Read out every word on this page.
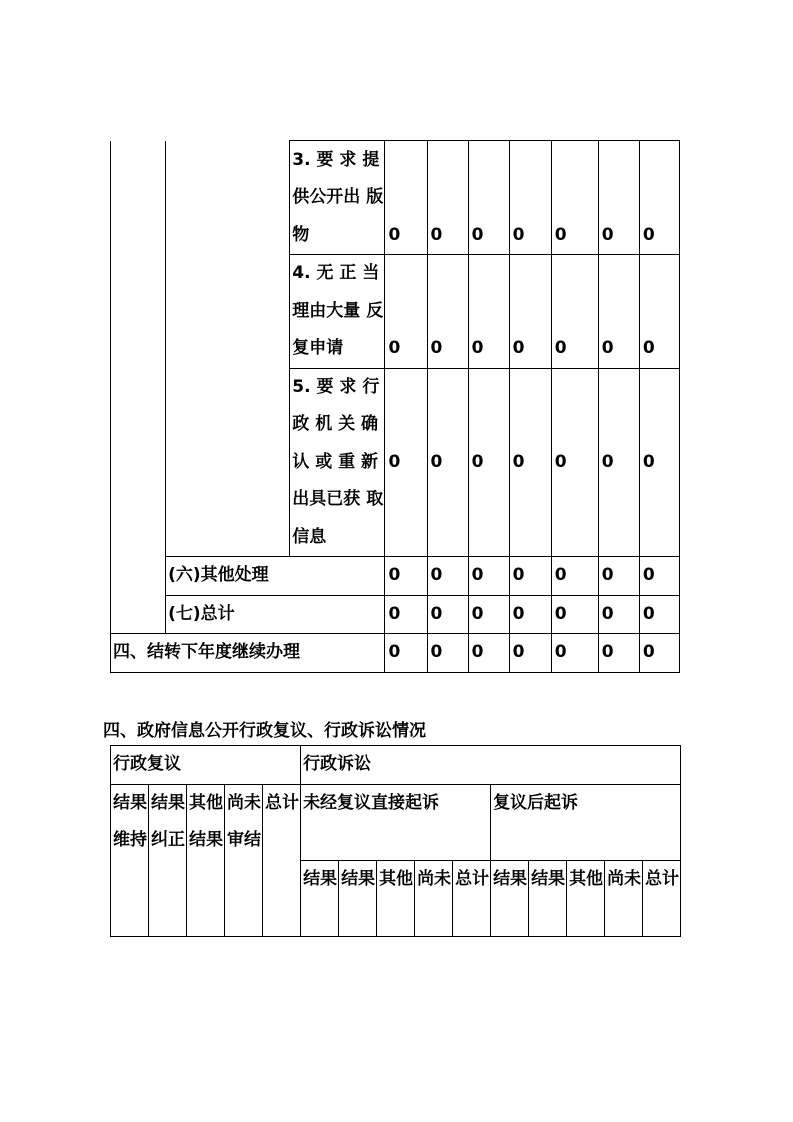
		3. 要 求 提 供公开出 版物	0	0	0	0	0	0	0

		4. 无 正 当 理由大量 反复申请	0	0	0	0	0	0	0

		5. 要 求 行 政 机 关 确 认 或 重 新 出具已获 取信息	0	0	0	0	0	0	0
	(六)其他处理		0	0	0	0	0	0	0
	(七)总计		0	0	0	0	0	0	0
四、结转下年度继续办理			0	0	0	0	0	0	0
四、政府信息公开行政复议、行政诉讼情况
行政复议					行政诉讼									

结果维持	结果纠正	其他结果	尚未审结	总计	未经复议直接起诉					复议后起诉				

					结果	结果	其他	尚未	总计	结果	结果	其他	尚未	总计
